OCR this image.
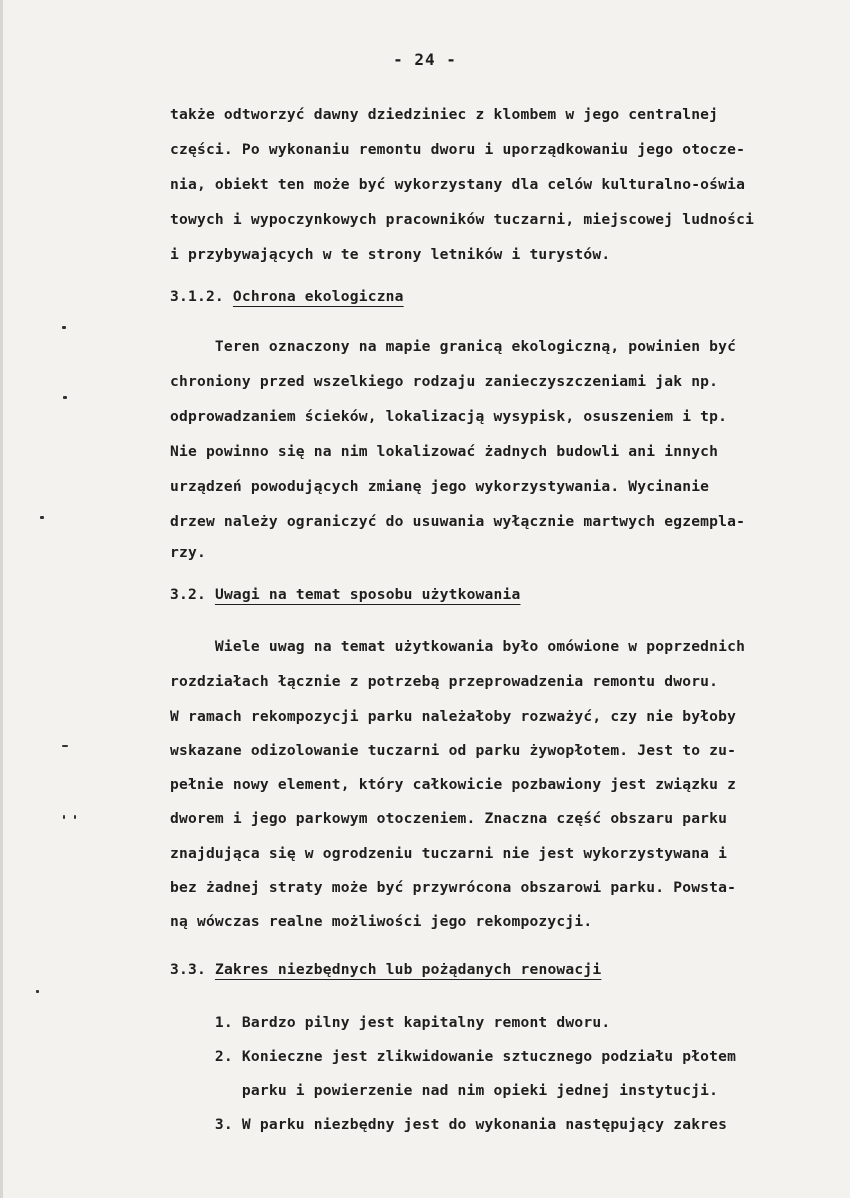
- 24 -
także odtworzyć dawny dziedziniec z klombem w jego centralnej
części. Po wykonaniu remontu dworu i uporządkowaniu jego otocze-
nia, obiekt ten może być wykorzystany dla celów kulturalno-oświa
towych i wypoczynkowych pracowników tuczarni, miejscowej ludności
i przybywających w te strony letników i turystów.
3.1.2. Ochrona ekologiczna
Teren oznaczony na mapie granicą ekologiczną, powinien być
chroniony przed wszelkiego rodzaju zanieczyszczeniami jak np.
odprowadzaniem ścieków, lokalizacją wysypisk, osuszeniem i tp.
Nie powinno się na nim lokalizować żadnych budowli ani innych
urządzeń powodujących zmianę jego wykorzystywania. Wycinanie
drzew należy ograniczyć do usuwania wyłącznie martwych egzempla-
rzy.
3.2. Uwagi na temat sposobu użytkowania
Wiele uwag na temat użytkowania było omówione w poprzednich
rozdziałach łącznie z potrzebą przeprowadzenia remontu dworu.
W ramach rekompozycji parku należałoby rozważyć, czy nie byłoby
wskazane odizolowanie tuczarni od parku żywopłotem. Jest to zu-
pełnie nowy element, który całkowicie pozbawiony jest związku z
dworem i jego parkowym otoczeniem. Znaczna część obszaru parku
znajdująca się w ogrodzeniu tuczarni nie jest wykorzystywana i
bez żadnej straty może być przywrócona obszarowi parku. Powsta-
ną wówczas realne możliwości jego rekompozycji.
3.3. Zakres niezbędnych lub pożądanych renowacji
1. Bardzo pilny jest kapitalny remont dworu.
2. Konieczne jest zlikwidowanie sztucznego podziału płotem
parku i powierzenie nad nim opieki jednej instytucji.
3. W parku niezbędny jest do wykonania następujący zakres
